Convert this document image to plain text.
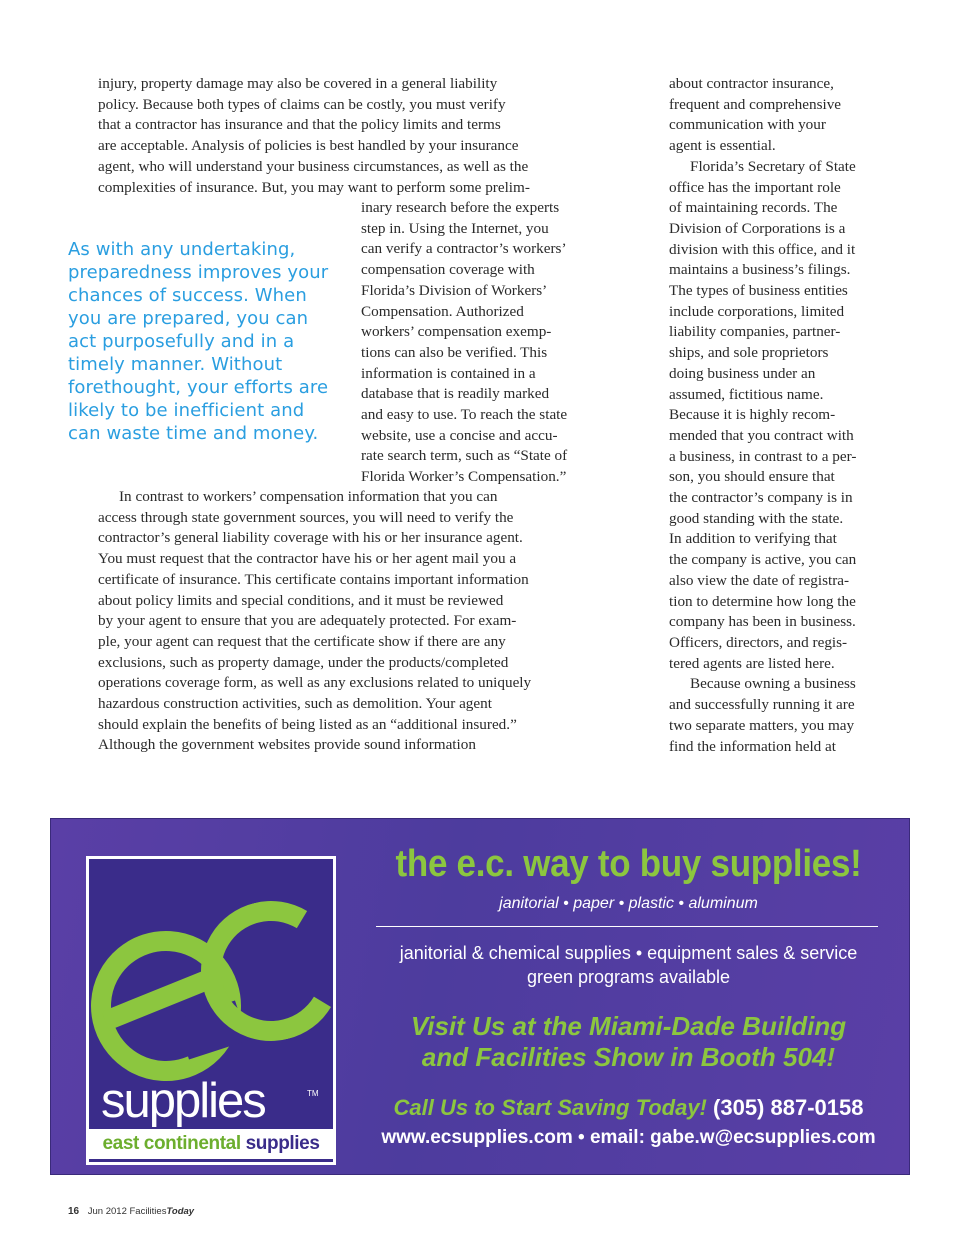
injury, property damage may also be covered in a general liability
policy. Because both types of claims can be costly, you must verify
that a contractor has insurance and that the policy limits and terms
are acceptable. Analysis of policies is best handled by your insurance
agent, who will understand your business circumstances, as well as the
complexities of insurance. But, you may want to perform some prelim-
As with any undertaking,
preparedness improves your
chances of success. When
you are prepared, you can
act purposefully and in a
timely manner. Without
forethought, your efforts are
likely to be inefficient and
can waste time and money.
inary research before the experts
step in. Using the Internet, you
can verify a contractor’s workers’
compensation coverage with
Florida’s Division of Workers’
Compensation. Authorized
workers’ compensation exemp-
tions can also be verified. This
information is contained in a
database that is readily marked
and easy to use. To reach the state
website, use a concise and accu-
rate search term, such as “State of
Florida Worker’s Compensation.”
In contrast to workers’ compensation information that you can
access through state government sources, you will need to verify the
contractor’s general liability coverage with his or her insurance agent.
You must request that the contractor have his or her agent mail you a
certificate of insurance. This certificate contains important information
about policy limits and special conditions, and it must be reviewed
by your agent to ensure that you are adequately protected. For exam-
ple, your agent can request that the certificate show if there are any
exclusions, such as property damage, under the products/completed
operations coverage form, as well as any exclusions related to uniquely
hazardous construction activities, such as demolition. Your agent
should explain the benefits of being listed as an “additional insured.”
Although the government websites provide sound information
about contractor insurance,
frequent and comprehensive
communication with your
agent is essential.
Florida’s Secretary of State
office has the important role
of maintaining records. The
Division of Corporations is a
division with this office, and it
maintains a business’s filings.
The types of business entities
include corporations, limited
liability companies, partner-
ships, and sole proprietors
doing business under an
assumed, fictitious name.
Because it is highly recom-
mended that you contract with
a business, in contrast to a per-
son, you should ensure that
the contractor’s company is in
good standing with the state.
In addition to verifying that
the company is active, you can
also view the date of registra-
tion to determine how long the
company has been in business.
Officers, directors, and regis-
tered agents are listed here.
Because owning a business
and successfully running it are
two separate matters, you may
find the information held at
supplies	TM
east continental supplies
the e.c. way to buy supplies!
janitorial • paper • plastic • aluminum
janitorial & chemical supplies • equipment sales & service
green programs available
Visit Us at the Miami-Dade Building
and Facilities Show in Booth 504!
Call Us to Start Saving Today! (305) 887-0158
www.ecsupplies.com • email: gabe.w@ecsupplies.com
16 Jun 2012 FacilitiesToday
